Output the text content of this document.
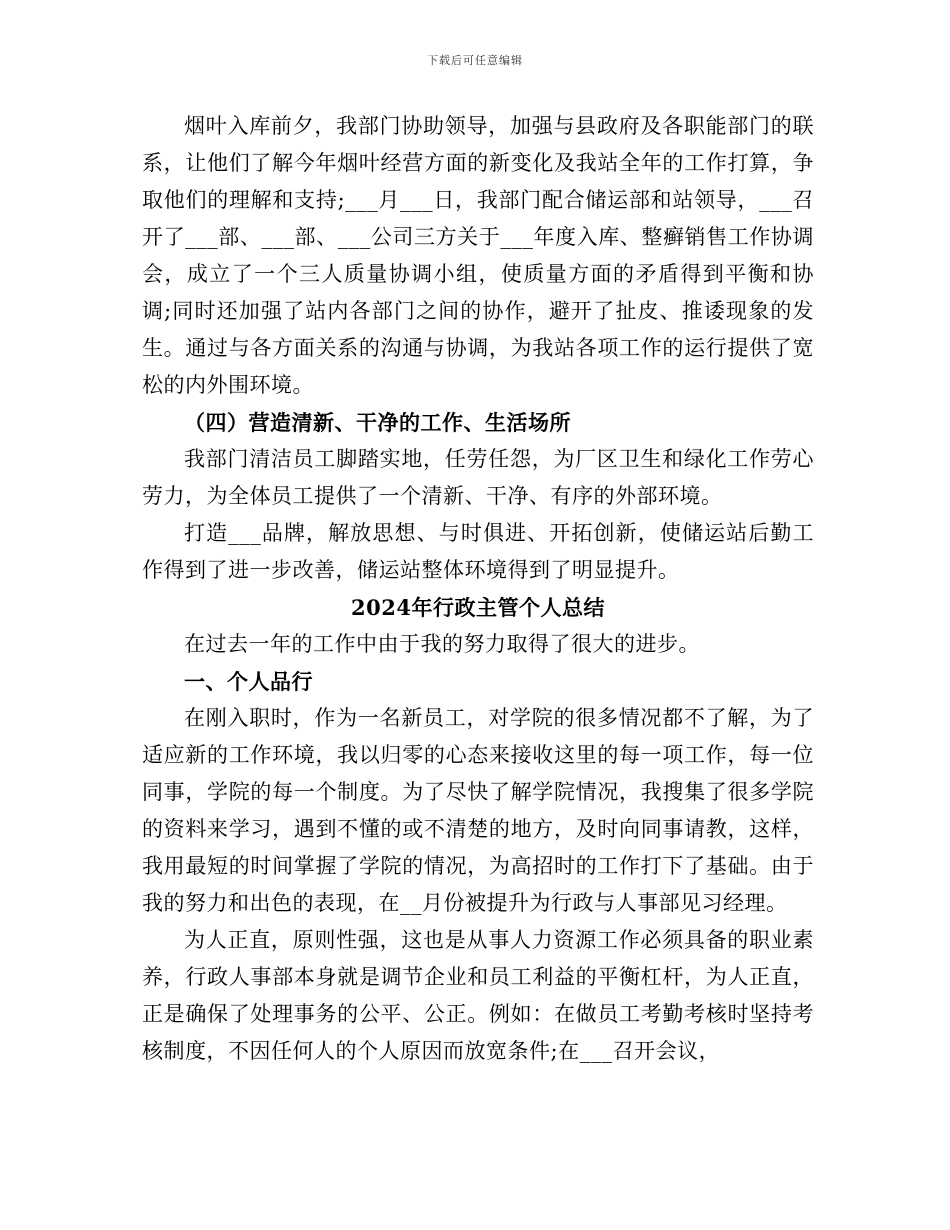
下载后可任意编辑

烟叶入库前夕，我部门协助领导，加强与县政府及各职能部门的联系，让他们了解今年烟叶经营方面的新变化及我站全年的工作打算，争取他们的理解和支持;___月___日，我部门配合储运部和站领导，___召开了___部、___部、___公司三方关于___年度入库、整癣销售工作协调会，成立了一个三人质量协调小组，使质量方面的矛盾得到平衡和协调;同时还加强了站内各部门之间的协作，避开了扯皮、推诿现象的发生。通过与各方面关系的沟通与协调，为我站各项工作的运行提供了宽松的内外围环境。

（四）营造清新、干净的工作、生活场所

我部门清洁员工脚踏实地，任劳任怨，为厂区卫生和绿化工作劳心劳力，为全体员工提供了一个清新、干净、有序的外部环境。

打造___品牌，解放思想、与时俱进、开拓创新，使储运站后勤工作得到了进一步改善，储运站整体环境得到了明显提升。

2024年行政主管个人总结

在过去一年的工作中由于我的努力取得了很大的进步。

一、个人品行

在刚入职时，作为一名新员工，对学院的很多情况都不了解，为了适应新的工作环境，我以归零的心态来接收这里的每一项工作，每一位同事，学院的每一个制度。为了尽快了解学院情况，我搜集了很多学院的资料来学习，遇到不懂的或不清楚的地方，及时向同事请教，这样，我用最短的时间掌握了学院的情况，为高招时的工作打下了基础。由于我的努力和出色的表现，在__月份被提升为行政与人事部见习经理。

为人正直，原则性强，这也是从事人力资源工作必须具备的职业素养，行政人事部本身就是调节企业和员工利益的平衡杠杆，为人正直，正是确保了处理事务的公平、公正。例如：在做员工考勤考核时坚持考核制度，不因任何人的个人原因而放宽条件;在___召开会议，
